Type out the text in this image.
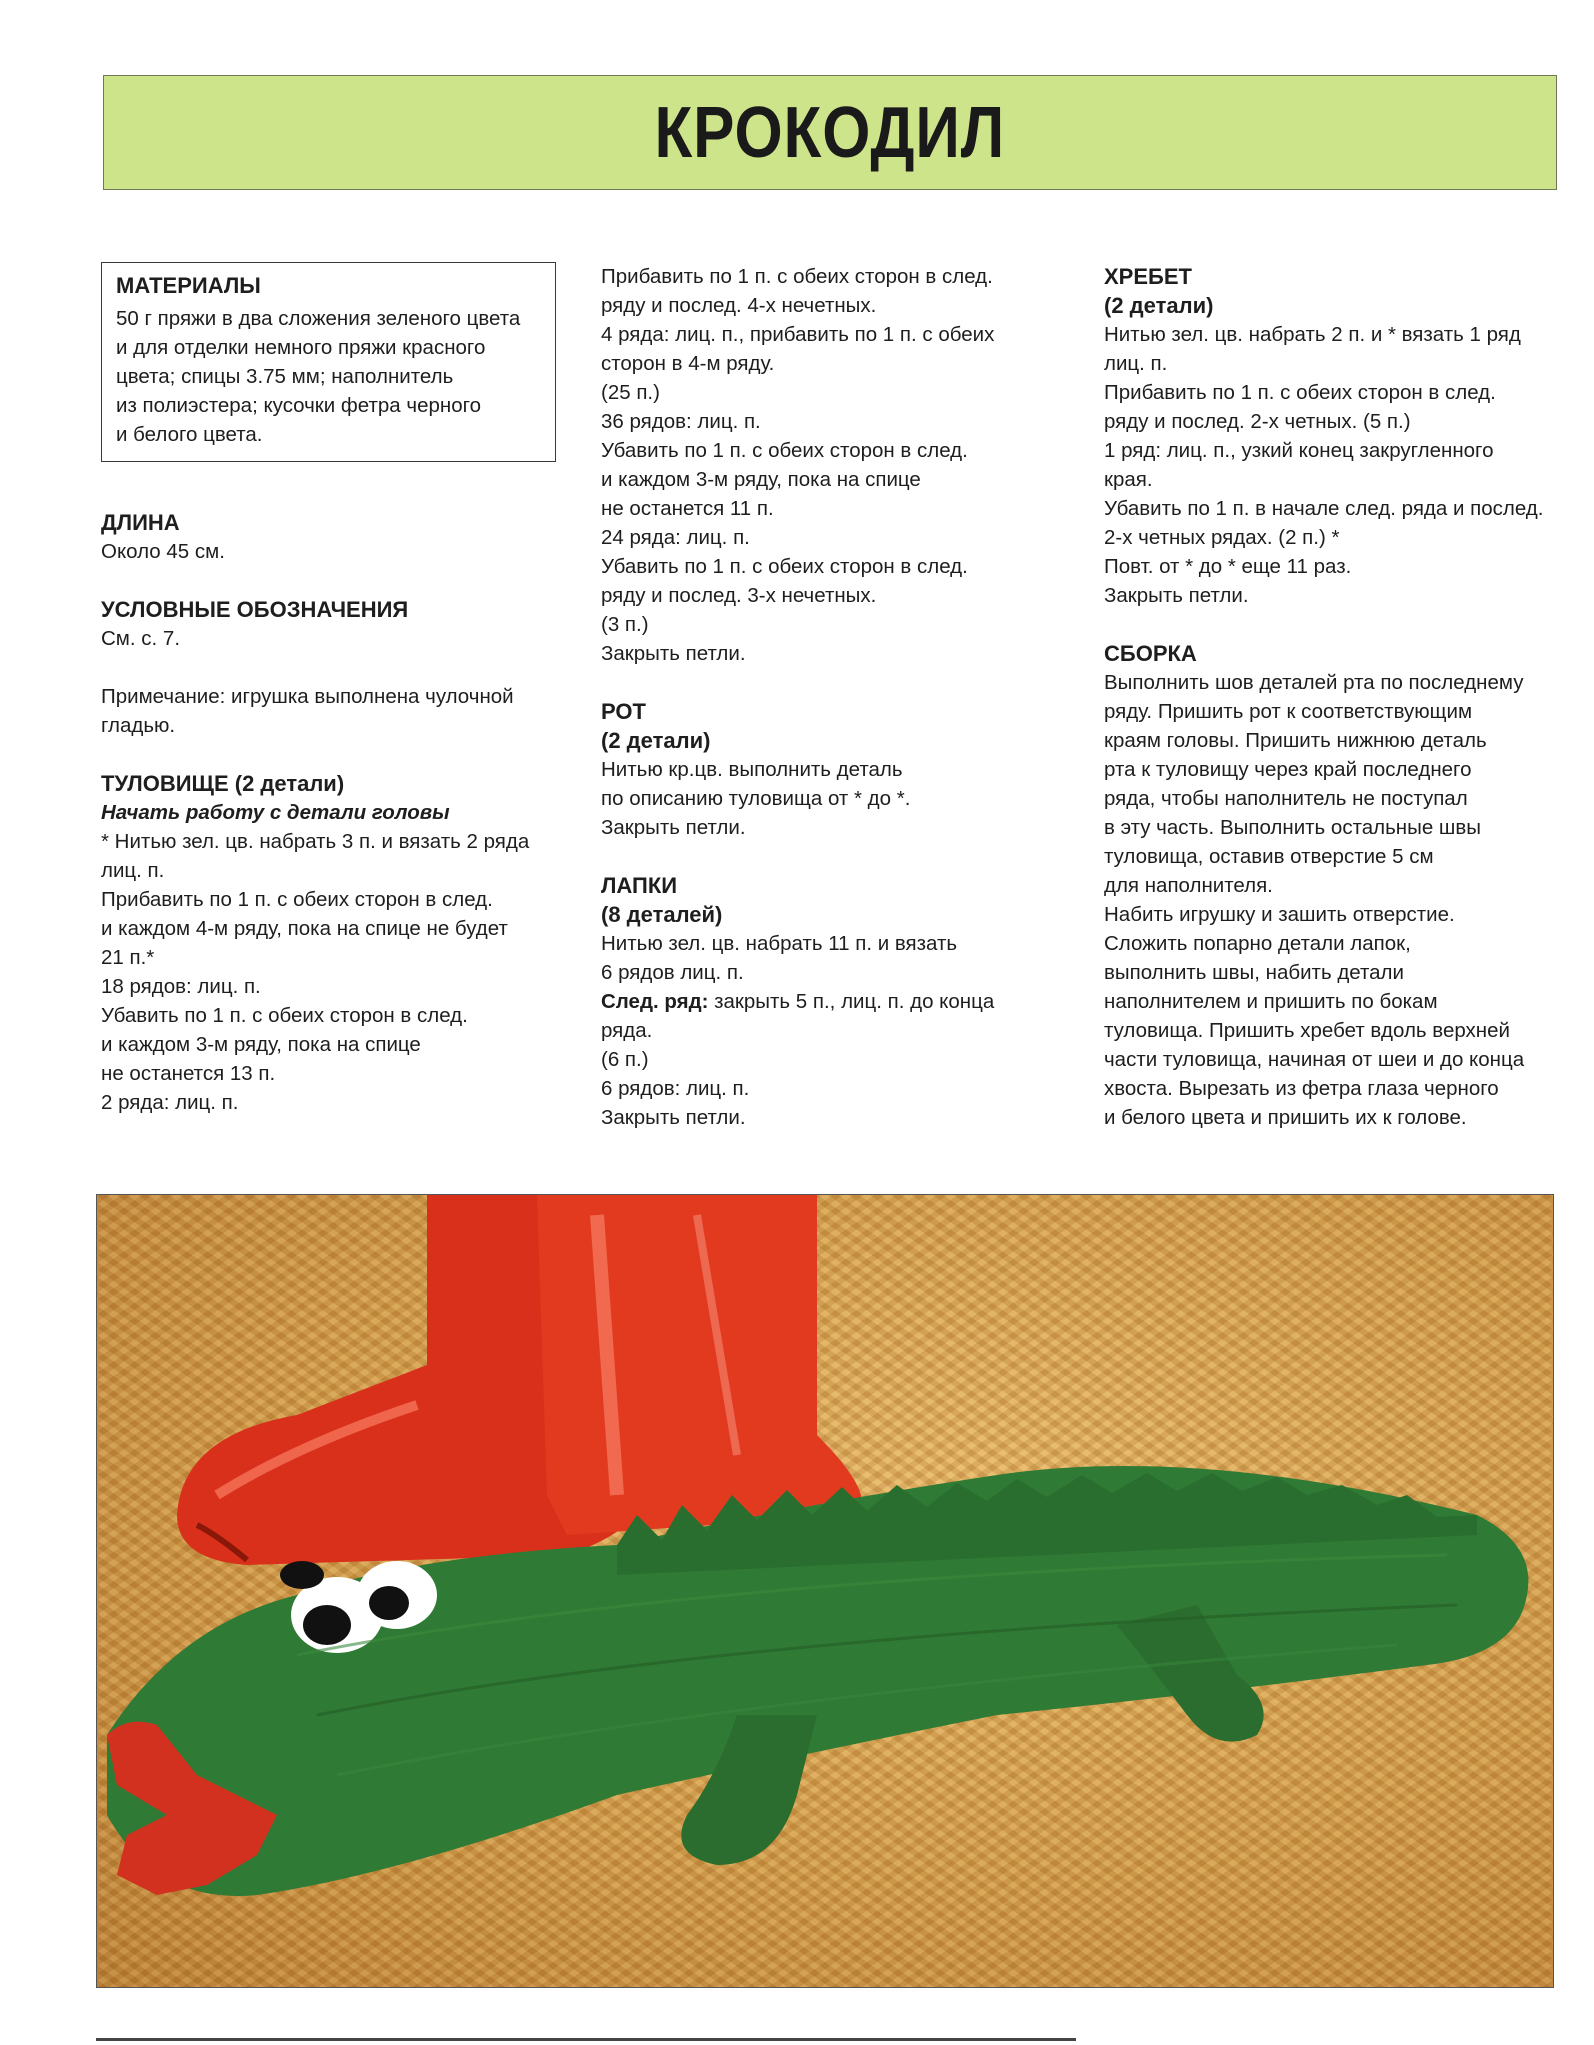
КРОКОДИЛ
МАТЕРИАЛЫ
50 г пряжи в два сложения зеленого цвета
и для отделки немного пряжи красного
цвета; спицы 3.75 мм; наполнитель
из полиэстера; кусочки фетра черного
и белого цвета.
ДЛИНА
Около 45 см.
УСЛОВНЫЕ ОБОЗНАЧЕНИЯ
См. с. 7.
Примечание: игрушка выполнена чулочной
гладью.
ТУЛОВИЩЕ (2 детали)
Начать работу с детали головы
* Нитью зел. цв. набрать 3 п. и вязать 2 ряда
лиц. п.
Прибавить по 1 п. с обеих сторон в след.
и каждом 4-м ряду, пока на спице не будет
21 п.*
18 рядов: лиц. п.
Убавить по 1 п. с обеих сторон в след.
и каждом 3-м ряду, пока на спице
не останется 13 п.
2 ряда: лиц. п.
Прибавить по 1 п. с обеих сторон в след.
ряду и послед. 4-х нечетных.
4 ряда: лиц. п., прибавить по 1 п. с обеих
сторон в 4-м ряду.
(25 п.)
36 рядов: лиц. п.
Убавить по 1 п. с обеих сторон в след.
и каждом 3-м ряду, пока на спице
не останется 11 п.
24 ряда: лиц. п.
Убавить по 1 п. с обеих сторон в след.
ряду и послед. 3-х нечетных.
(3 п.)
Закрыть петли.
РОТ
(2 детали)
Нитью кр.цв. выполнить деталь
по описанию туловища от * до *.
Закрыть петли.
ЛАПКИ
(8 деталей)
Нитью зел. цв. набрать 11 п. и вязать
6 рядов лиц. п.
След. ряд: закрыть 5 п., лиц. п. до конца
ряда.
(6 п.)
6 рядов: лиц. п.
Закрыть петли.
ХРЕБЕТ
(2 детали)
Нитью зел. цв. набрать 2 п. и * вязать 1 ряд
лиц. п.
Прибавить по 1 п. с обеих сторон в след.
ряду и послед. 2-х четных. (5 п.)
1 ряд: лиц. п., узкий конец закругленного
края.
Убавить по 1 п. в начале след. ряда и послед.
2-х четных рядах. (2 п.) *
Повт. от * до * еще 11 раз.
Закрыть петли.
СБОРКА
Выполнить шов деталей рта по последнему
ряду. Пришить рот к соответствующим
краям головы. Пришить нижнюю деталь
рта к туловищу через край последнего
ряда, чтобы наполнитель не поступал
в эту часть. Выполнить остальные швы
туловища, оставив отверстие 5 см
для наполнителя.
Набить игрушку и зашить отверстие.
Сложить попарно детали лапок,
выполнить швы, набить детали
наполнителем и пришить по бокам
туловища. Пришить хребет вдоль верхней
части туловища, начиная от шеи и до конца
хвоста. Вырезать из фетра глаза черного
и белого цвета и пришить их к голове.
